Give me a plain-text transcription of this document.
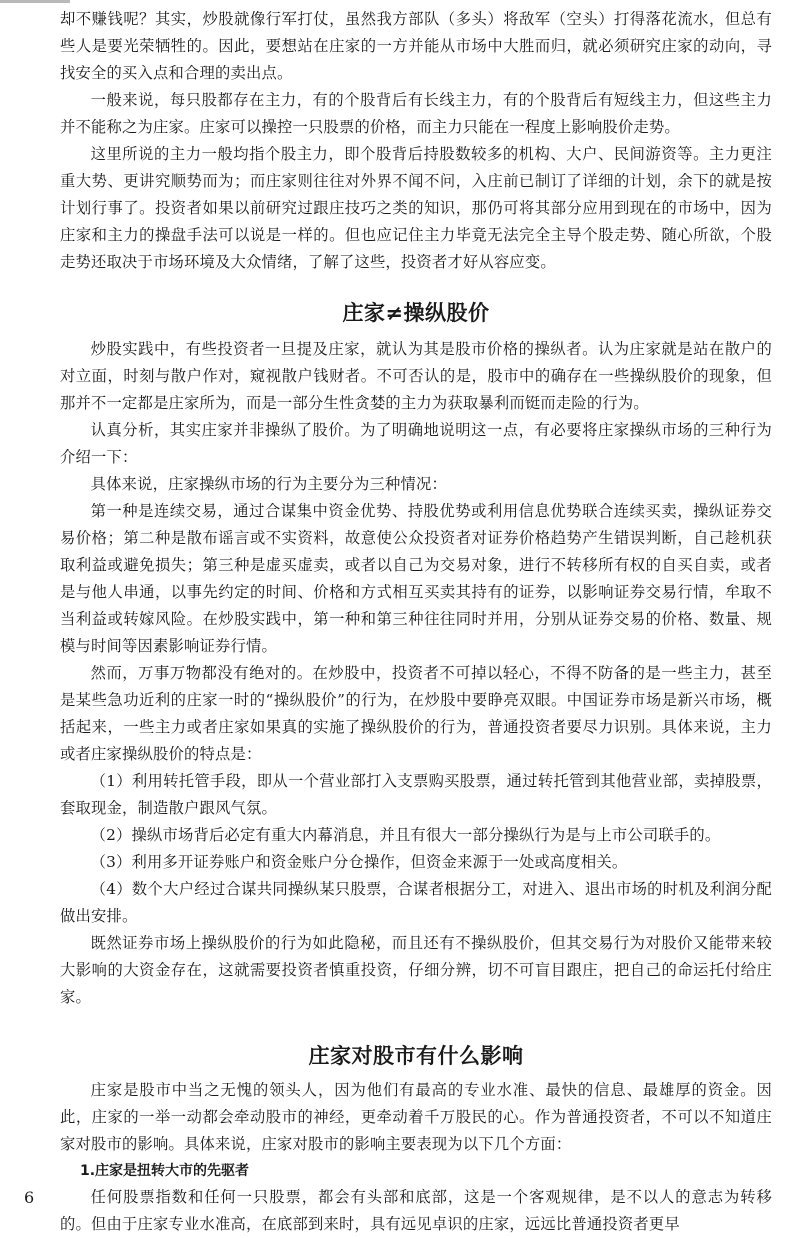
却不赚钱呢？其实，炒股就像行军打仗，虽然我方部队（多头）将敌军（空头）打得落花流水，但总有些人是要光荣牺牲的。因此，要想站在庄家的一方并能从市场中大胜而归，就必须研究庄家的动向，寻找安全的买入点和合理的卖出点。

一般来说，每只股都存在主力，有的个股背后有长线主力，有的个股背后有短线主力，但这些主力并不能称之为庄家。庄家可以操控一只股票的价格，而主力只能在一程度上影响股价走势。

这里所说的主力一般均指个股主力，即个股背后持股数较多的机构、大户、民间游资等。主力更注重大势、更讲究顺势而为；而庄家则往往对外界不闻不问，入庄前已制订了详细的计划，余下的就是按计划行事了。投资者如果以前研究过跟庄技巧之类的知识，那仍可将其部分应用到现在的市场中，因为庄家和主力的操盘手法可以说是一样的。但也应记住主力毕竟无法完全主导个股走势、随心所欲，个股走势还取决于市场环境及大众情绪，了解了这些，投资者才好从容应变。

庄家≠操纵股价

炒股实践中，有些投资者一旦提及庄家，就认为其是股市价格的操纵者。认为庄家就是站在散户的对立面，时刻与散户作对，窥视散户钱财者。不可否认的是，股市中的确存在一些操纵股价的现象，但那并不一定都是庄家所为，而是一部分生性贪婪的主力为获取暴利而铤而走险的行为。

认真分析，其实庄家并非操纵了股价。为了明确地说明这一点，有必要将庄家操纵市场的三种行为介绍一下：

具体来说，庄家操纵市场的行为主要分为三种情况：

第一种是连续交易，通过合谋集中资金优势、持股优势或利用信息优势联合连续买卖，操纵证券交易价格；第二种是散布谣言或不实资料，故意使公众投资者对证券价格趋势产生错误判断，自己趁机获取利益或避免损失；第三种是虚买虚卖，或者以自己为交易对象，进行不转移所有权的自买自卖，或者是与他人串通，以事先约定的时间、价格和方式相互买卖其持有的证券，以影响证券交易行情，牟取不当利益或转嫁风险。在炒股实践中，第一种和第三种往往同时并用，分别从证券交易的价格、数量、规模与时间等因素影响证券行情。

然而，万事万物都没有绝对的。在炒股中，投资者不可掉以轻心，不得不防备的是一些主力，甚至是某些急功近利的庄家一时的“操纵股价”的行为，在炒股中要睁亮双眼。中国证券市场是新兴市场，概括起来，一些主力或者庄家如果真的实施了操纵股价的行为，普通投资者要尽力识别。具体来说，主力或者庄家操纵股价的特点是：

（1）利用转托管手段，即从一个营业部打入支票购买股票，通过转托管到其他营业部，卖掉股票，套取现金，制造散户跟风气氛。

（2）操纵市场背后必定有重大内幕消息，并且有很大一部分操纵行为是与上市公司联手的。

（3）利用多开证券账户和资金账户分仓操作，但资金来源于一处或高度相关。

（4）数个大户经过合谋共同操纵某只股票，合谋者根据分工，对进入、退出市场的时机及利润分配做出安排。

既然证券市场上操纵股价的行为如此隐秘，而且还有不操纵股价，但其交易行为对股价又能带来较大影响的大资金存在，这就需要投资者慎重投资，仔细分辨，切不可盲目跟庄，把自己的命运托付给庄家。

庄家对股市有什么影响

庄家是股市中当之无愧的领头人，因为他们有最高的专业水准、最快的信息、最雄厚的资金。因此，庄家的一举一动都会牵动股市的神经，更牵动着千万股民的心。作为普通投资者，不可以不知道庄家对股市的影响。具体来说，庄家对股市的影响主要表现为以下几个方面：

1.庄家是扭转大市的先驱者

任何股票指数和任何一只股票，都会有头部和底部，这是一个客观规律，是不以人的意志为转移的。但由于庄家专业水准高，在底部到来时，具有远见卓识的庄家，远远比普通投资者更早

6
